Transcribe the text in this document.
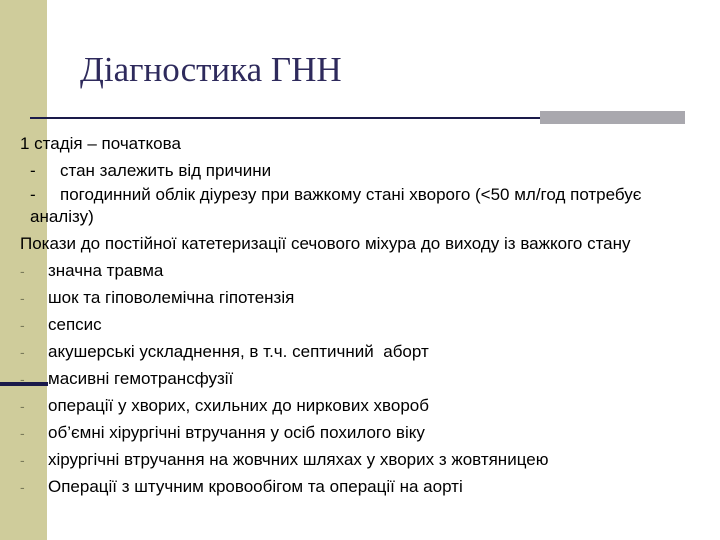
Діагностика ГНН
1 стадія – початкова
-	стан залежить від причини
- погодинний облік діурезу при важкому стані хворого (<50 мл/год потребує аналізу)
Покази до постійної катетеризації сечового міхура до виходу із важкого стану
-	значна травма
-	шок та гіповолемічна гіпотензія
-	сепсис
-	акушерські ускладнення, в т.ч. септичний  аборт
-	масивні гемотрансфузії
-	операції у хворих, схильних до ниркових хвороб
-	об’ємні хірургічні втручання у осіб похилого віку
-	хірургічні втручання на жовчних шляхах у хворих з жовтяницею
-	Операції з штучним кровообігом та операції на аорті
